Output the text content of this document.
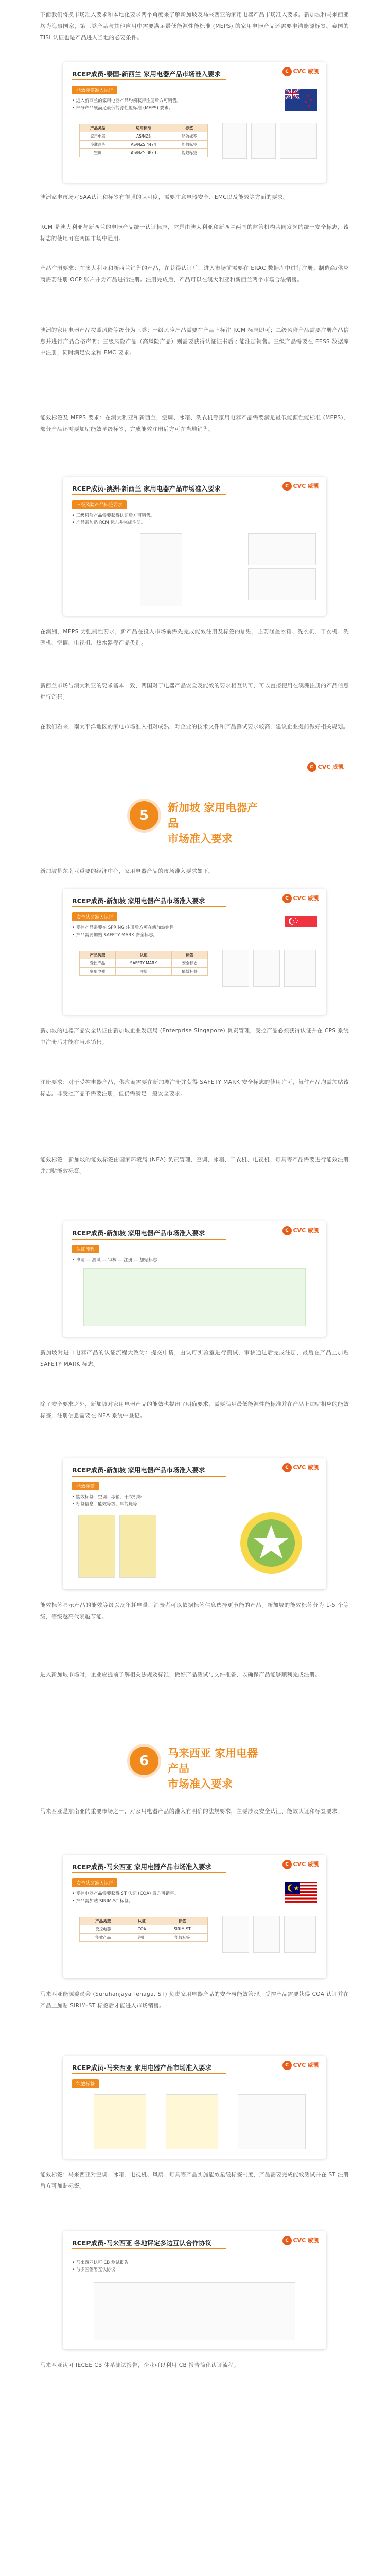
下面我们将换市场准入要求和本地化要求两个角度来了解新加坡及马来西亚的家用电器产品市场准入要求。新加坡和马来西亚均为海事国家，第三类产品与其他应用中需要满足最低能源性能标准 (MEPS) 的家用电器产品还需要申请能源标签。泰国的 TISI 认证也是产品进入当地的必要条件。
RCEP成员-泰国-新西兰 家用电器产品市场准入要求	C CVC 威凯
能效标签准入执行
• 进入新西兰的家用电器产品均须获得注册后方可销售。
• 部分产品须满足最低能源性能标准 (MEPS) 要求。
产品类型	适用标准	标签
家用电器	AS/NZS	能效标签
冷藏冷冻	AS/NZS 4474	能效标签
空调	AS/NZS 3823	能效标签
澳洲家电市场对SAA认证和标签有很强的认可度，需要注意电器安全、EMC以及能效等方面的要求。
RCM 是澳大利亚与新西兰的电器产品统一认证标志，它是由澳大利亚和新西兰两国的监管机构共同发起的统一安全标志，该标志的使用可在两国市场中通用。
产品注册要求：在澳大利亚和新西兰销售的产品，在获得认证后，进入市场前需要在 ERAC 数据库中进行注册。制造商/供应商需要注册 OCP 账户并为产品进行注册。注册完成后，产品可以在澳大利亚和新西兰两个市场合法销售。
澳洲的家用电器产品按照风险等级分为三类：一级风险产品需要在产品上标注 RCM 标志即可；二级风险产品需要注册产品信息并进行产品合格声明；三级风险产品（高风险产品）则需要获得认证证书后才能注册销售。三级产品需要在 EESS 数据库中注册，同时满足安全和 EMC 要求。
能效标签及 MEPS 要求：在澳大利亚和新西兰，空调、冰箱、洗衣机等家用电器产品需要满足最低能源性能标准 (MEPS)，部分产品还需要加贴能效星级标签，完成能效注册后方可在当地销售。
RCEP成员-澳洲-新西兰 家用电器产品市场准入要求	C CVC 威凯
三级风险产品标签要求
• 三级风险产品需要获得认证后方可销售。
• 产品需加贴 RCM 标志并完成注册。
在澳洲，MEPS 为强制性要求，新产品在投入市场前需先完成能效注册及标签的加贴，主要涵盖冰箱、洗衣机、干衣机、洗碗机、空调、电视机、热水器等产品类别。
新西兰市场与澳大利亚的要求基本一致，两国对于电器产品安全及能效的要求相互认可，可以直接使用在澳洲注册的产品信息进行销售。
在我们看来，南太平洋地区的家电市场准入相对成熟，对企业的技术文件和产品测试要求较高，建议企业提前做好相关规划。
C CVC 威凯
5	新加坡 家用电器产品
市场准入要求
新加坡是东南亚重要的经济中心，家用电器产品的市场准入要求如下。
RCEP成员-新加坡 家用电器产品市场准入要求	C CVC 威凯
安全认证准入执行
• 受控产品需要在 SPRING 注册后方可在新加坡销售。
• 产品需要加贴 SAFETY MARK 安全标志。
产品类型	认证	标签
受控产品	SAFETY MARK	安全标志
家用电器	注册	能效标签
新加坡的电器产品安全认证由新加坡企业发展局 (Enterprise Singapore) 负责管理，受控产品必须获得认证并在 CPS 系统中注册后才能在当地销售。
注册要求：对于受控电器产品，供应商需要在新加坡注册并获得 SAFETY MARK 安全标志的使用许可，每件产品均需加贴该标志。非受控产品不需要注册，但仍需满足一般安全要求。
能效标签：新加坡的能效标签由国家环境局 (NEA) 负责管理，空调、冰箱、干衣机、电视机、灯具等产品需要进行能效注册并加贴能效标签。
RCEP成员-新加坡 家用电器产品市场准入要求	C CVC 威凯
认证流程
• 申请 — 测试 — 审核 — 注册 — 加贴标志
新加坡对进口电器产品的认证流程大致为：提交申请，由认可实验室进行测试，审核通过后完成注册，最后在产品上加贴 SAFETY MARK 标志。
除了安全要求之外，新加坡对家用电器产品的能效也提出了明确要求，需要满足最低能源性能标准并在产品上加贴相应的能效标签，注册信息需要在 NEA 系统中登记。
RCEP成员-新加坡 家用电器产品市场准入要求	C CVC 威凯
能效标签
• 能效标签：空调、冰箱、干衣机等
• 标签信息：能效等级、年能耗等
能效标签显示产品的能效等级以及年耗电量，消费者可以依据标签信息选择更节能的产品。新加坡的能效标签分为 1-5 个等级，等级越高代表越节能。
进入新加坡市场时，企业应提前了解相关法规及标准，做好产品测试与文件准备，以确保产品能够顺利完成注册。
6	马来西亚 家用电器产品
市场准入要求
马来西亚是东南亚的重要市场之一，对家用电器产品的准入有明确的法规要求，主要涉及安全认证、能效认证和标签要求。
RCEP成员-马来西亚 家用电器产品市场准入要求	C CVC 威凯
安全认证准入执行
• 受控电器产品需要获得 ST 认证 (COA) 后方可销售。
• 产品需加贴 SIRIM-ST 标签。
产品类型	认证	标签
受控电器	COA	SIRIM-ST
能效产品	注册	能效标签
马来西亚能源委员会 (Suruhanjaya Tenaga, ST) 负责家用电器产品的安全与能效管理。受控产品需要获得 COA 认证并在产品上加贴 SIRIM-ST 标签后才能进入市场销售。
RCEP成员-马来西亚 家用电器产品市场准入要求	C CVC 威凯
能效标签
能效标签：马来西亚对空调、冰箱、电视机、风扇、灯具等产品实施能效星级标签制度，产品需要完成能效测试并在 ST 注册后方可加贴标签。
RCEP成员-马来西亚 各地评定多边互认合作协议	C CVC 威凯
• 马来西亚认可 CB 测试报告
• 与多国签署互认协议
马来西亚认可 IECEE CB 体系测试报告，企业可以利用 CB 报告简化认证流程。
